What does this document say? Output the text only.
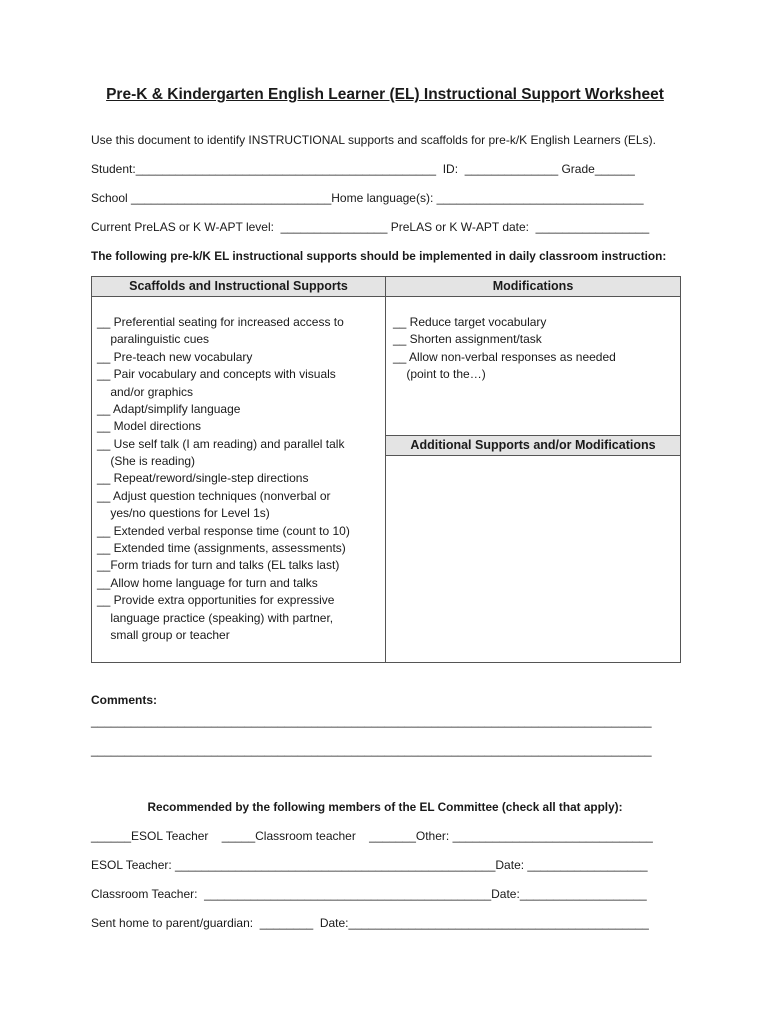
Pre-K & Kindergarten English Learner (EL) Instructional Support Worksheet
Use this document to identify INSTRUCTIONAL supports and scaffolds for pre-k/K English Learners (ELs).
Student:_____________________________________________  ID:  ______________ Grade______
School ______________________________Home language(s): _______________________________
Current PreLAS or K W-APT level:  ________________ PreLAS or K W-APT date:  _________________
The following pre-k/K EL instructional supports should be implemented in daily classroom instruction:
Scaffolds and Instructional Supports	Modifications
Additional Supports and/or Modifications
__ Preferential seating for increased access to
paralinguistic cues
__ Pre-teach new vocabulary
__ Pair vocabulary and concepts with visuals
and/or graphics
__ Adapt/simplify language
__ Model directions
__ Use self talk (I am reading) and parallel talk
(She is reading)
__ Repeat/reword/single-step directions
__ Adjust question techniques (nonverbal or
yes/no questions for Level 1s)
__ Extended verbal response time (count to 10)
__ Extended time (assignments, assessments)
__Form triads for turn and talks (EL talks last)
__Allow home language for turn and talks
__ Provide extra opportunities for expressive
language practice (speaking) with partner,
small group or teacher
__ Reduce target vocabulary
__ Shorten assignment/task
__ Allow non-verbal responses as needed
(point to the…)
Comments:
____________________________________________________________________________________
____________________________________________________________________________________
Recommended by the following members of the EL Committee (check all that apply):
______ESOL Teacher    _____Classroom teacher    _______Other: ______________________________
ESOL Teacher: ________________________________________________Date: __________________
Classroom Teacher:  ___________________________________________Date:___________________
Sent home to parent/guardian:  ________  Date:_____________________________________________
